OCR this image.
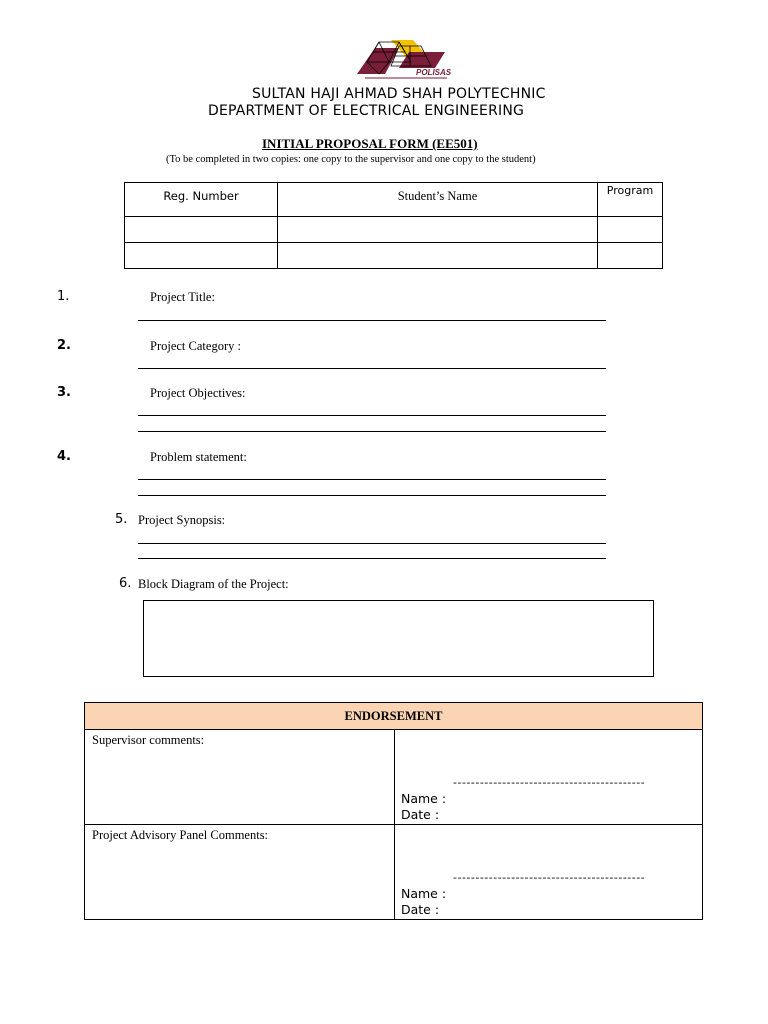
POLISAS
SULTAN HAJI AHMAD SHAH POLYTECHNIC
DEPARTMENT OF ELECTRICAL ENGINEERING
INITIAL PROPOSAL FORM (EE501)
(To be completed in two copies: one copy to the supervisor and one copy to the student)
Reg. Number	Student’s Name	Program

1.	Project Title:
2.	Project Category :
3.	Project Objectives:
4.	Problem statement:
5. Project Synopsis:
6. Block Diagram of the Project:
ENDORSEMENT	
Supervisor comments:	-------------------------------------------
Name :
Date :

Project Advisory Panel Comments:	-------------------------------------------
Name :
Date :
